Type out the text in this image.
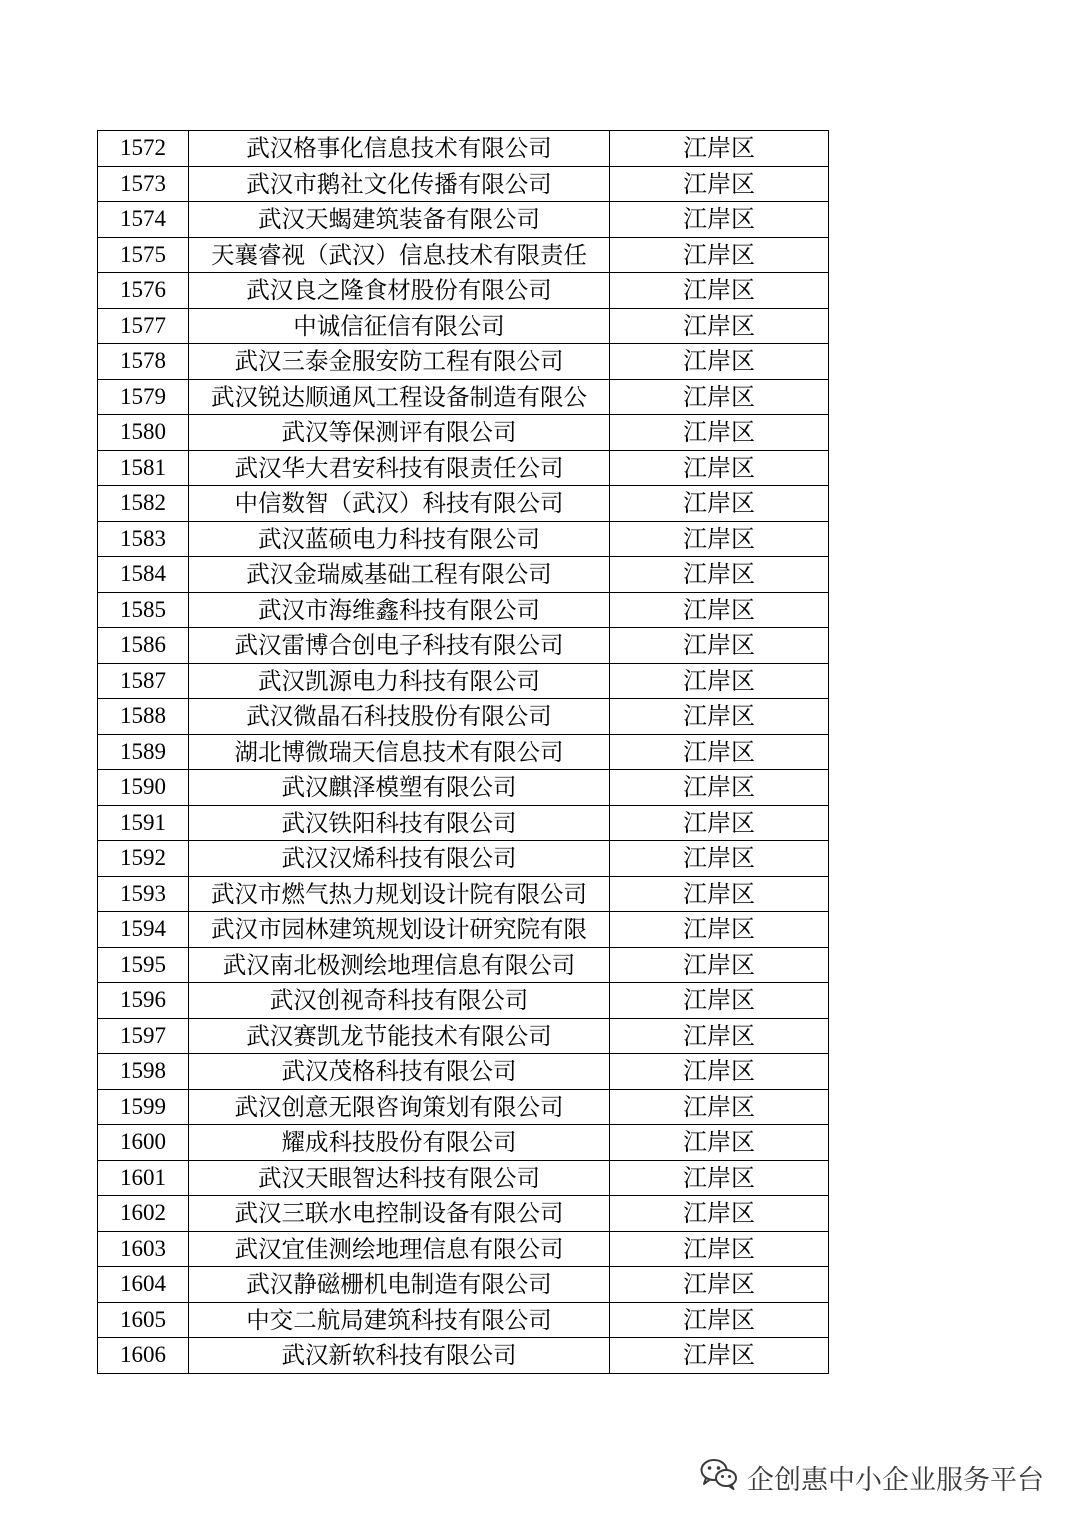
1572	武汉格事化信息技术有限公司	江岸区
1573	武汉市鹅社文化传播有限公司	江岸区
1574	武汉天蝎建筑装备有限公司	江岸区
1575	天襄睿视（武汉）信息技术有限责任	江岸区
1576	武汉良之隆食材股份有限公司	江岸区
1577	中诚信征信有限公司	江岸区
1578	武汉三泰金服安防工程有限公司	江岸区
1579	武汉锐达顺通风工程设备制造有限公	江岸区
1580	武汉等保测评有限公司	江岸区
1581	武汉华大君安科技有限责任公司	江岸区
1582	中信数智（武汉）科技有限公司	江岸区
1583	武汉蓝硕电力科技有限公司	江岸区
1584	武汉金瑞威基础工程有限公司	江岸区
1585	武汉市海维鑫科技有限公司	江岸区
1586	武汉雷博合创电子科技有限公司	江岸区
1587	武汉凯源电力科技有限公司	江岸区
1588	武汉微晶石科技股份有限公司	江岸区
1589	湖北博微瑞天信息技术有限公司	江岸区
1590	武汉麒泽模塑有限公司	江岸区
1591	武汉铁阳科技有限公司	江岸区
1592	武汉汉烯科技有限公司	江岸区
1593	武汉市燃气热力规划设计院有限公司	江岸区
1594	武汉市园林建筑规划设计研究院有限	江岸区
1595	武汉南北极测绘地理信息有限公司	江岸区
1596	武汉创视奇科技有限公司	江岸区
1597	武汉赛凯龙节能技术有限公司	江岸区
1598	武汉茂格科技有限公司	江岸区
1599	武汉创意无限咨询策划有限公司	江岸区
1600	耀成科技股份有限公司	江岸区
1601	武汉天眼智达科技有限公司	江岸区
1602	武汉三联水电控制设备有限公司	江岸区
1603	武汉宜佳测绘地理信息有限公司	江岸区
1604	武汉静磁栅机电制造有限公司	江岸区
1605	中交二航局建筑科技有限公司	江岸区
1606	武汉新软科技有限公司	江岸区
企创惠中小企业服务平台
